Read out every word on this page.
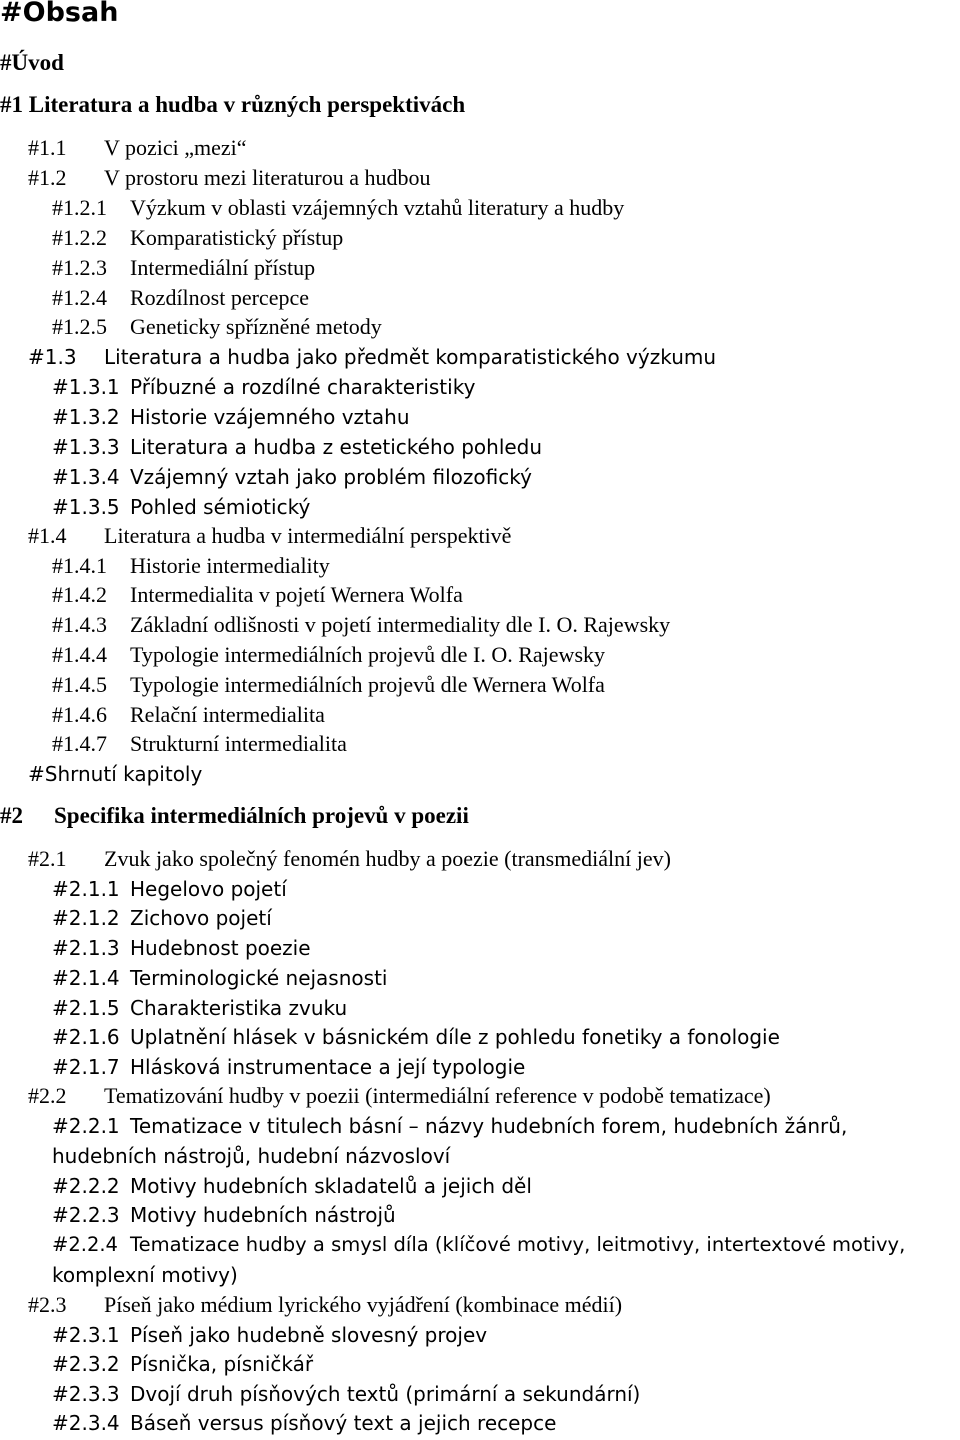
#Obsah
#Úvod
#1 Literatura a hudba v různých perspektivách
#1.1 V pozici „mezi“
#1.2 V prostoru mezi literaturou a hudbou
#1.2.1 Výzkum v oblasti vzájemných vztahů literatury a hudby
#1.2.2 Komparatistický přístup
#1.2.3 Intermediální přístup
#1.2.4 Rozdílnost percepce
#1.2.5 Geneticky spřízněné metody
#1.3 Literatura a hudba jako předmět komparatistického výzkumu
#1.3.1 Příbuzné a rozdílné charakteristiky
#1.3.2 Historie vzájemného vztahu
#1.3.3 Literatura a hudba z estetického pohledu
#1.3.4 Vzájemný vztah jako problém filozofický
#1.3.5 Pohled sémiotický
#1.4 Literatura a hudba v intermediální perspektivě
#1.4.1 Historie intermediality
#1.4.2 Intermedialita v pojetí Wernera Wolfa
#1.4.3 Základní odlišnosti v pojetí intermediality dle I. O. Rajewsky
#1.4.4 Typologie intermediálních projevů dle I. O. Rajewsky
#1.4.5 Typologie intermediálních projevů dle Wernera Wolfa
#1.4.6 Relační intermedialita
#1.4.7 Strukturní intermedialita
#Shrnutí kapitoly
#2 Specifika intermediálních projevů v poezii
#2.1 Zvuk jako společný fenomén hudby a poezie (transmediální jev)
#2.1.1 Hegelovo pojetí
#2.1.2 Zichovo pojetí
#2.1.3 Hudebnost poezie
#2.1.4 Terminologické nejasnosti
#2.1.5 Charakteristika zvuku
#2.1.6 Uplatnění hlásek v básnickém díle z pohledu fonetiky a fonologie
#2.1.7 Hlásková instrumentace a její typologie
#2.2 Tematizování hudby v poezii (intermediální reference v podobě tematizace)
#2.2.1 Tematizace v titulech básní – názvy hudebních forem, hudebních žánrů,
hudebních nástrojů, hudební názvosloví
#2.2.2 Motivy hudebních skladatelů a jejich děl
#2.2.3 Motivy hudebních nástrojů
#2.2.4 Tematizace hudby a smysl díla (klíčové motivy, leitmotivy, intertextové motivy,
komplexní motivy)
#2.3 Píseň jako médium lyrického vyjádření (kombinace médií)
#2.3.1 Píseň jako hudebně slovesný projev
#2.3.2 Písnička, písničkář
#2.3.3 Dvojí druh písňových textů (primární a sekundární)
#2.3.4 Báseň versus písňový text a jejich recepce
